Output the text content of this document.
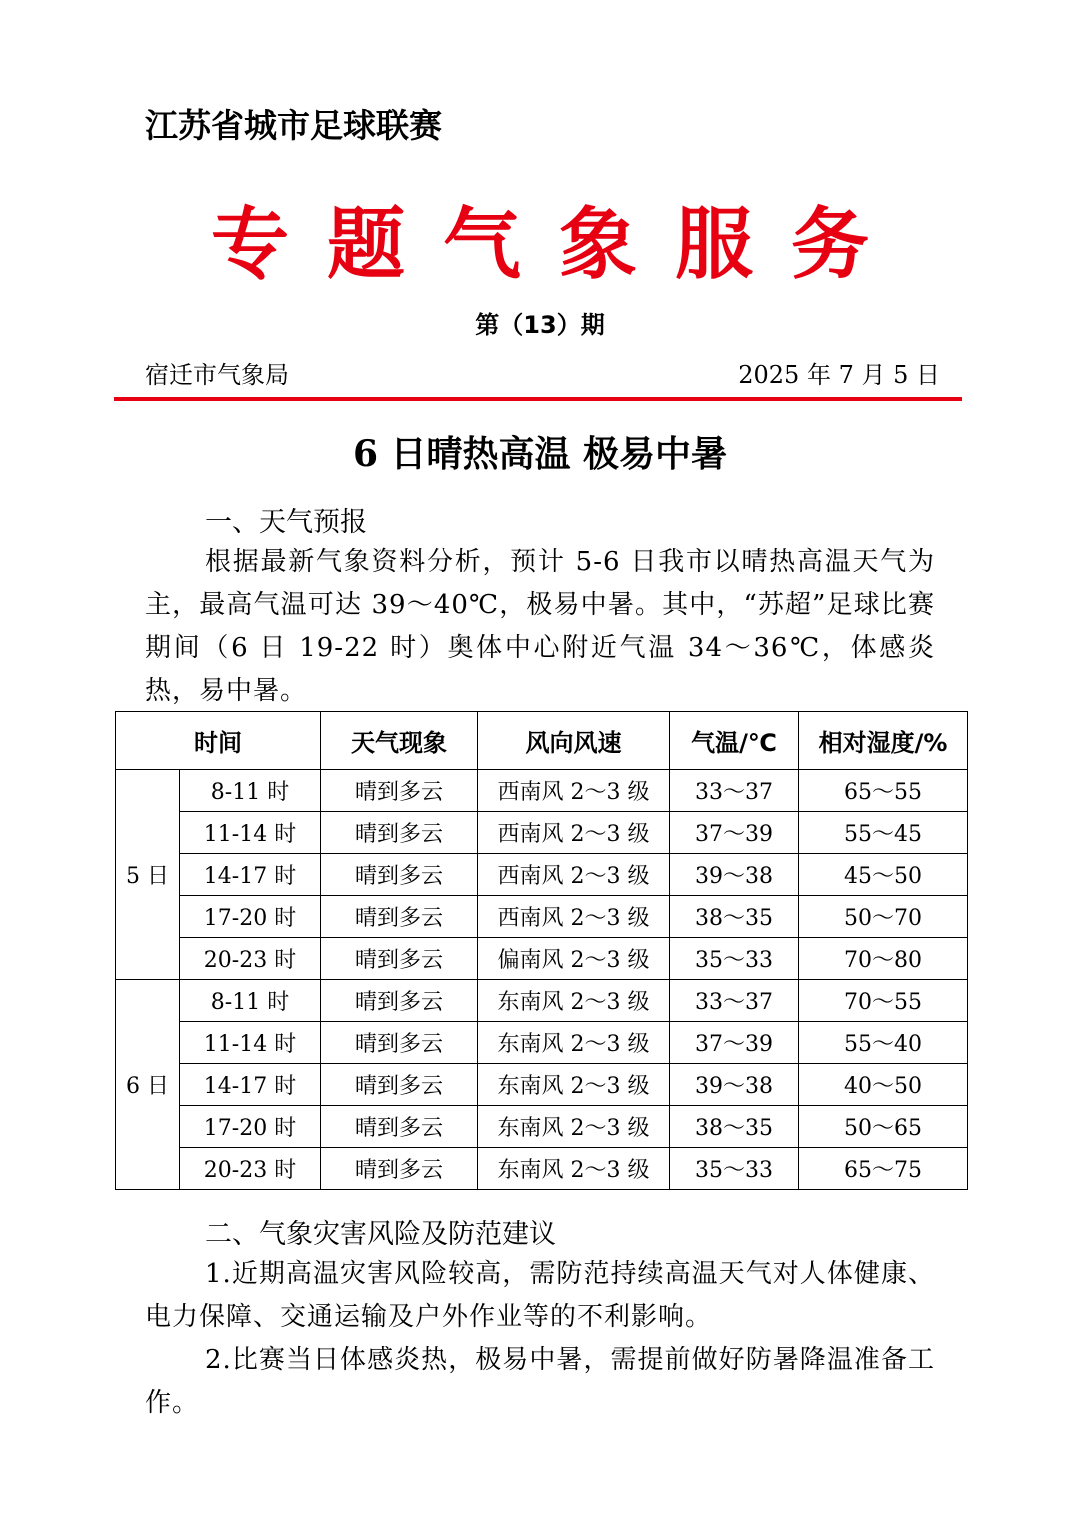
江苏省城市足球联赛
专题气象服务
第（13）期
宿迁市气象局	2025 年 7 月 5 日
6 日晴热高温 极易中暑
一、天气预报
根据最新气象资料分析，预计 5-6 日我市以晴热高温天气为主，最高气温可达 39～40℃，极易中暑。其中，“苏超”足球比赛期间（6 日 19-22 时）奥体中心附近气温 34～36℃，体感炎热，易中暑。
时间		天气现象	风向风速	气温/℃	相对湿度/%
5 日	8-11 时	晴到多云	西南风 2～3 级	33～37	65～55
	11-14 时	晴到多云	西南风 2～3 级	37～39	55～45
	14-17 时	晴到多云	西南风 2～3 级	39～38	45～50
	17-20 时	晴到多云	西南风 2～3 级	38～35	50～70
	20-23 时	晴到多云	偏南风 2～3 级	35～33	70～80
6 日	8-11 时	晴到多云	东南风 2～3 级	33～37	70～55
	11-14 时	晴到多云	东南风 2～3 级	37～39	55～40
	14-17 时	晴到多云	东南风 2～3 级	39～38	40～50
	17-20 时	晴到多云	东南风 2～3 级	38～35	50～65
	20-23 时	晴到多云	东南风 2～3 级	35～33	65～75
二、气象灾害风险及防范建议
1.近期高温灾害风险较高，需防范持续高温天气对人体健康、电力保障、交通运输及户外作业等的不利影响。
2.比赛当日体感炎热，极易中暑，需提前做好防暑降温准备工作。
